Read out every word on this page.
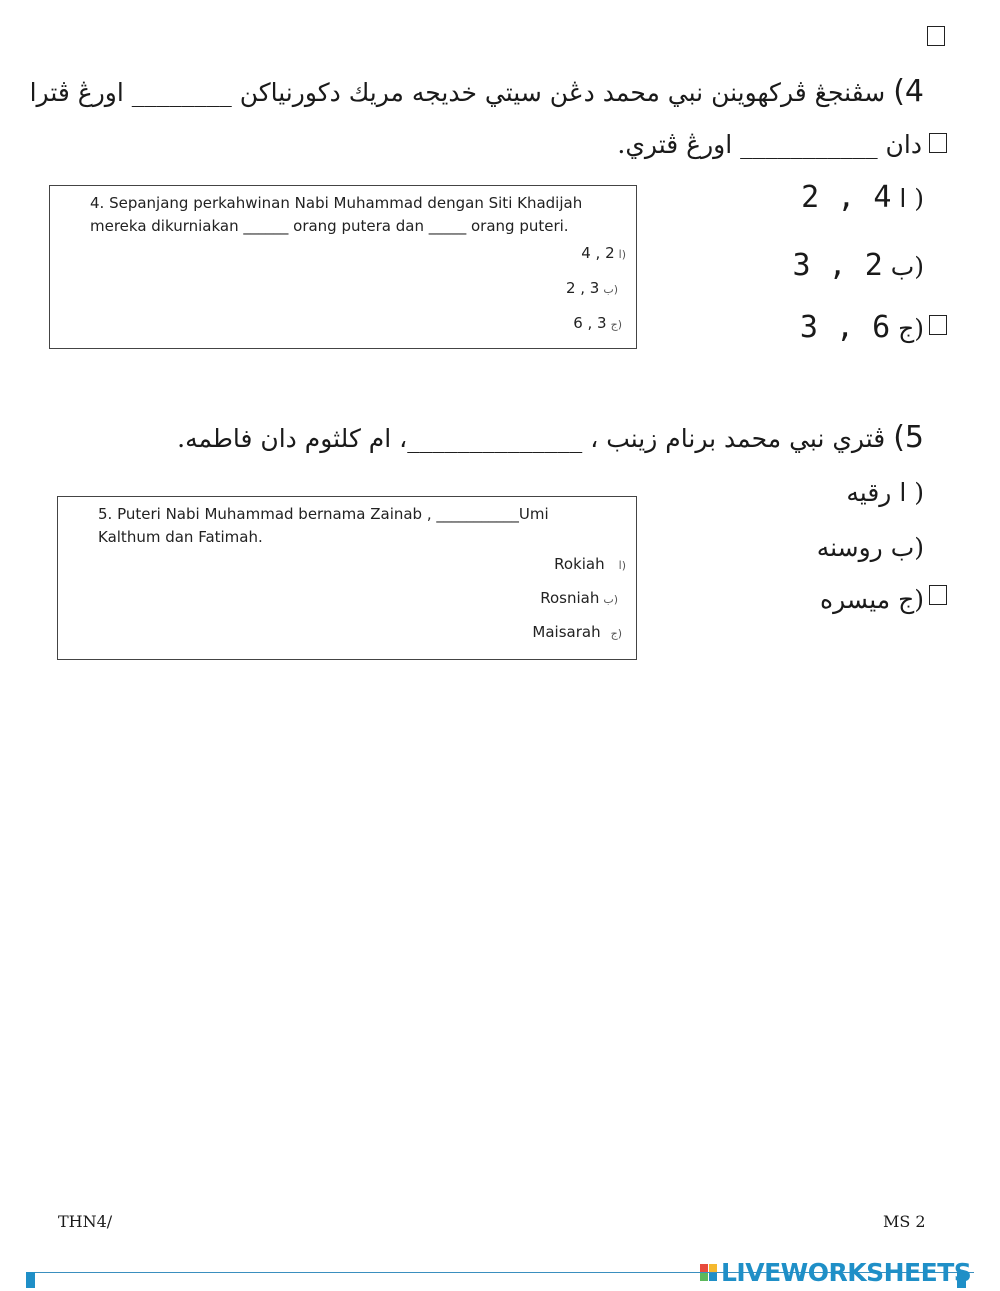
4) سڤنجڠ ڤركهوينن نبي محمد دڠن سيتي خديجه مريك دكورنياكن ________ اورڠ ڤترا
دان ___________ اورڠ ڤتري.
( ا 4 , 2
(ب 2 , 3
(ج 6 , 3
4. Sepanjang perkahwinan Nabi Muhammad dengan Siti Khadijah mereka dikurniakan ______ orang putera dan _____ orang puteri.
4 , 2 ا)
2 , 3 ب)
6 , 3 ج)
5) ڤتري نبي محمد برنام زينب ، ______________، ام كلثوم دان فاطمه.
( ا رقيه
(ب روسنه
(ج ميسره
5. Puteri Nabi Muhammad bernama Zainab , ___________Umi Kalthum dan Fatimah.
Rokiah ا)
Rosniah ب)
Maisarah ج)
THN4/	MS 2
LIVEWORKSHEETS
